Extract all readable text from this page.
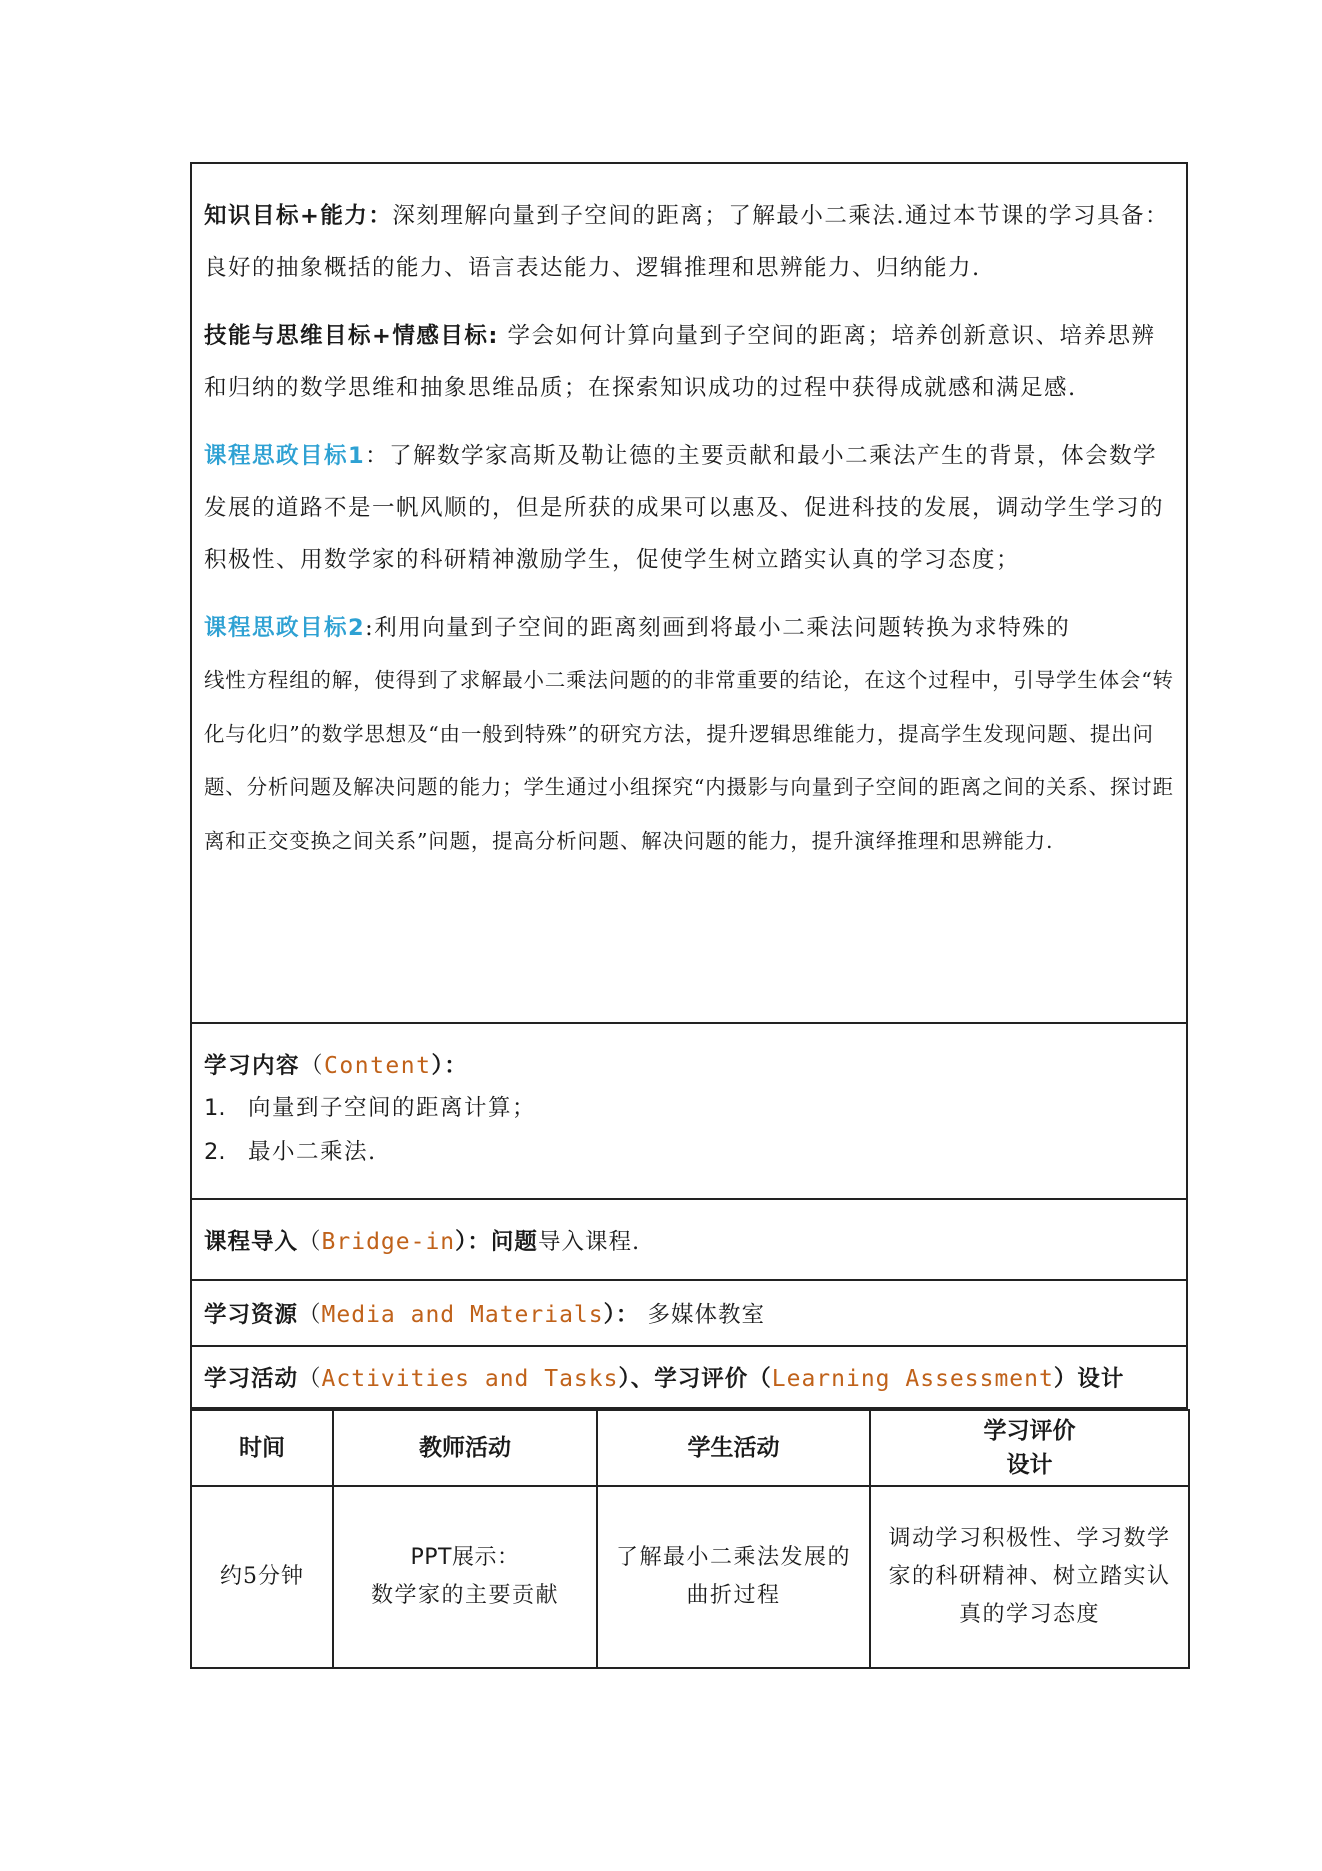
知识目标+能力：深刻理解向量到子空间的距离；了解最小二乘法.通过本节课的学习具备：良好的抽象概括的能力、语言表达能力、逻辑推理和思辨能力、归纳能力.

技能与思维目标+情感目标: 学会如何计算向量到子空间的距离；培养创新意识、培养思辨和归纳的数学思维和抽象思维品质；在探索知识成功的过程中获得成就感和满足感.

课程思政目标1：了解数学家高斯及勒让德的主要贡献和最小二乘法产生的背景，体会数学发展的道路不是一帆风顺的，但是所获的成果可以惠及、促进科技的发展，调动学生学习的积极性、用数学家的科研精神激励学生，促使学生树立踏实认真的学习态度；

课程思政目标2:利用向量到子空间的距离刻画到将最小二乘法问题转换为求特殊的
线性方程组的解，使得到了求解最小二乘法问题的的非常重要的结论，在这个过程中，引导学生体会“转化与化归”的数学思想及“由一般到特殊”的研究方法，提升逻辑思维能力，提高学生发现问题、提出问题、分析问题及解决问题的能力；学生通过小组探究“内摄影与向量到子空间的距离之间的关系、探讨距离和正交变换之间关系”问题，提高分析问题、解决问题的能力，提升演绎推理和思辨能力.

学习内容（Content）：
1. 向量到子空间的距离计算；
2. 最小二乘法.
课程导入（Bridge-in）：问题导入课程.
学习资源（Media and Materials）： 多媒体教室
学习活动（Activities and Tasks）、学习评价（Learning Assessment）设计
时间	教师活动	学生活动	学习评价
设计
约5分钟	PPT展示：
数学家的主要贡献	了解最小二乘法发展的曲折过程	调动学习积极性、学习数学家的科研精神、树立踏实认真的学习态度
